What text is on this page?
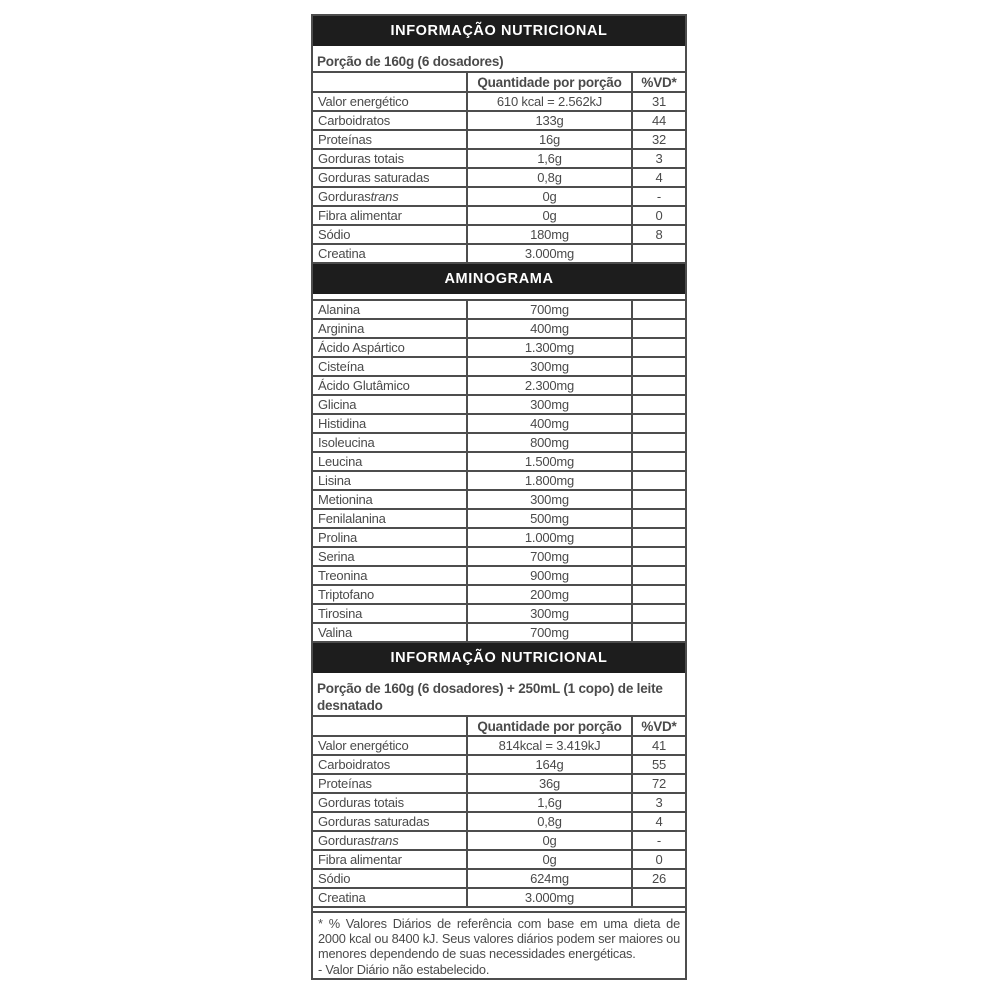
INFORMAÇÃO NUTRICIONAL
Porção de 160g (6 dosadores)
Quantidade por porção	%VD*
Valor energético	610 kcal = 2.562kJ	31
Carboidratos	133g	44
Proteínas	16g	32
Gorduras totais	1,6g	3
Gorduras saturadas	0,8g	4
Gorduras trans	0g	-
Fibra alimentar	0g	0
Sódio	180mg	8
Creatina	3.000mg
AMINOGRAMA
Alanina	700mg
Arginina	400mg
Ácido Aspártico	1.300mg
Cisteína	300mg
Ácido Glutâmico	2.300mg
Glicina	300mg
Histidina	400mg
Isoleucina	800mg
Leucina	1.500mg
Lisina	1.800mg
Metionina	300mg
Fenilalanina	500mg
Prolina	1.000mg
Serina	700mg
Treonina	900mg
Triptofano	200mg
Tirosina	300mg
Valina	700mg
INFORMAÇÃO NUTRICIONAL
Porção de 160g (6 dosadores) + 250mL (1 copo) de leite desnatado
Quantidade por porção	%VD*
Valor energético	814kcal = 3.419kJ	41
Carboidratos	164g	55
Proteínas	36g	72
Gorduras totais	1,6g	3
Gorduras saturadas	0,8g	4
Gorduras trans	0g	-
Fibra alimentar	0g	0
Sódio	624mg	26
Creatina	3.000mg

* % Valores Diários de referência com base em uma dieta de 2000 kcal ou 8400 kJ. Seus valores diários podem ser maiores ou menores dependendo de suas necessidades energéticas.

- Valor Diário não estabelecido.
